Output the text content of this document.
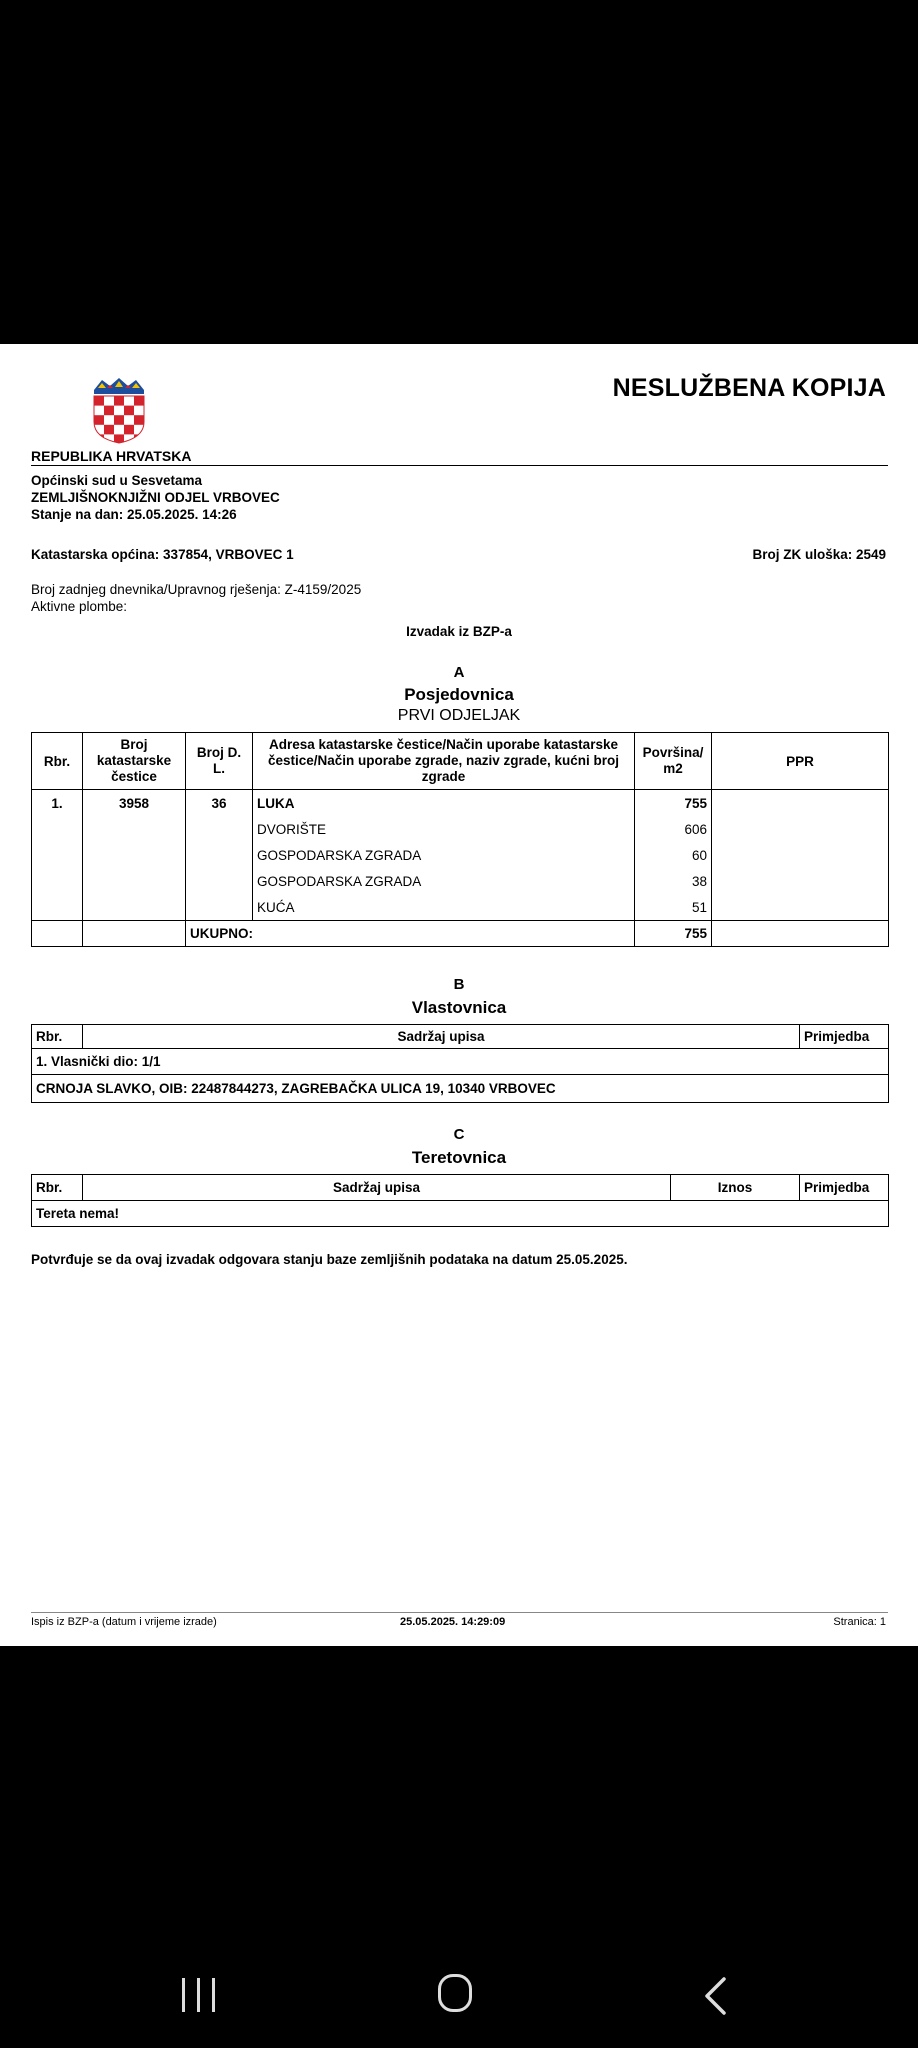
NESLUŽBENA KOPIJA
REPUBLIKA HRVATSKA
Općinski sud u Sesvetama
ZEMLJIŠNOKNJIŽNI ODJEL VRBOVEC
Stanje na dan: 25.05.2025. 14:26
Katastarska općina: 337854, VRBOVEC 1	Broj ZK uloška: 2549
Broj zadnjeg dnevnika/Upravnog rješenja: Z-4159/2025
Aktivne plombe:
Izvadak iz BZP-a
A
Posjedovnica
PRVI ODJELJAK
Rbr.	Broj katastarske čestice	Broj D. L.	Adresa katastarske čestice/Način uporabe katastarske čestice/Način uporabe zgrade, naziv zgrade, kućni broj zgrade	Površina/ m2	PPR
1.	3958	36	LUKA	755	
			DVORIŠTE	606	
			GOSPODARSKA ZGRADA	60	
			GOSPODARSKA ZGRADA	38	
			KUĆA	51	
		UKUPNO:		755	
B
Vlastovnica
Rbr.	Sadržaj upisa	Primjedba
1. Vlasnički dio: 1/1
CRNOJA SLAVKO, OIB: 22487844273, ZAGREBAČKA ULICA 19, 10340 VRBOVEC
C
Teretovnica
Rbr.	Sadržaj upisa	Iznos	Primjedba
Tereta nema!
Potvrđuje se da ovaj izvadak odgovara stanju baze zemljišnih podataka na datum 25.05.2025.
Ispis iz BZP-a (datum i vrijeme izrade)	25.05.2025. 14:29:09	Stranica: 1
